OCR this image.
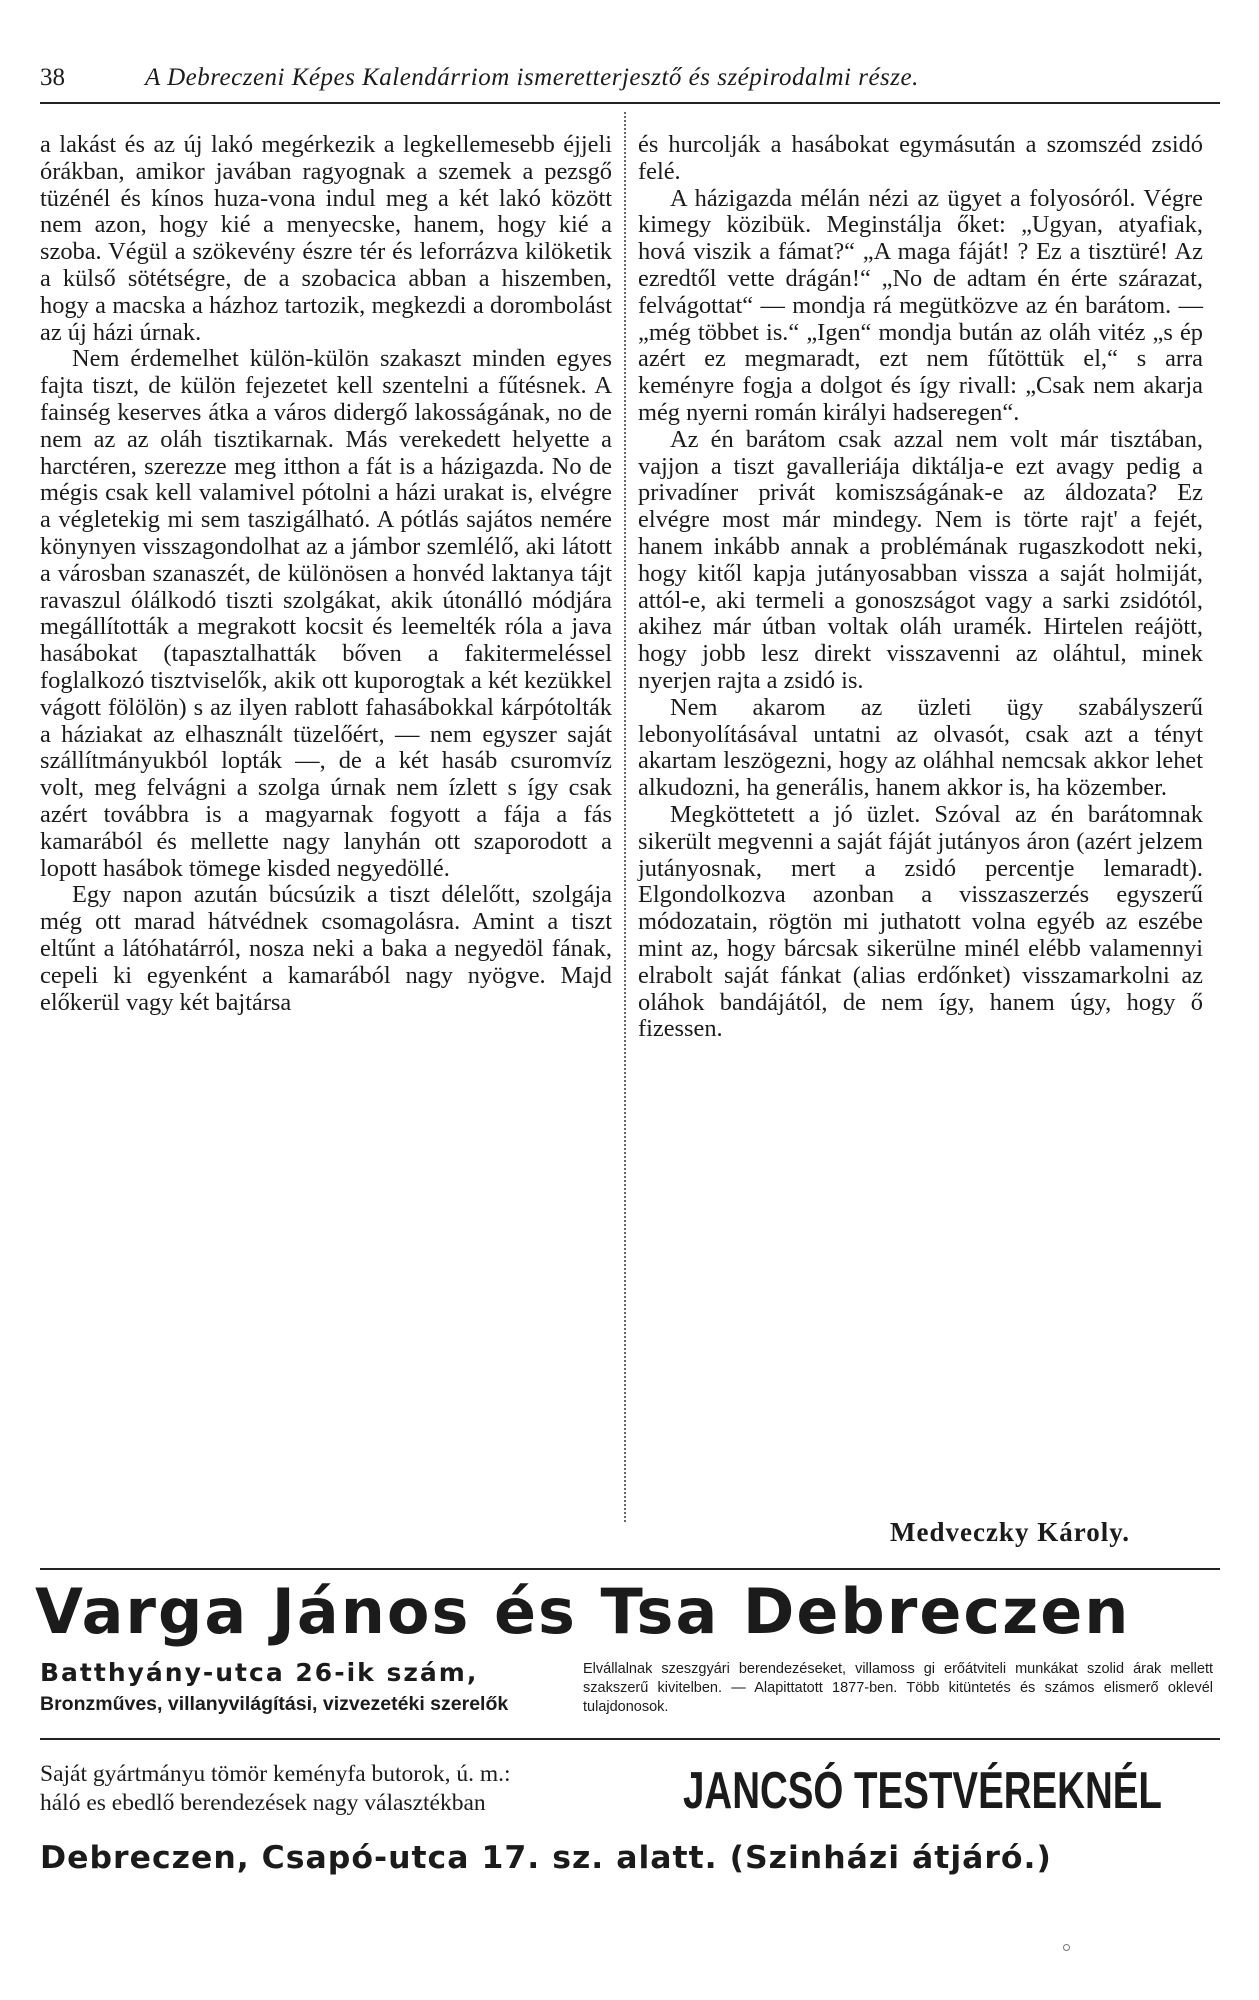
38	A Debreczeni Képes Kalendárriom ismeretterjesztő és szépirodalmi része.

a lakást és az új lakó megérkezik a legkellemesebb éjjeli órákban, amikor javában ragyognak a szemek a pezsgő tüzénél és kínos huza-vona indul meg a két lakó között nem azon, hogy kié a menyecske, hanem, hogy kié a szoba. Végül a szökevény észre tér és leforrázva kilöketik a külső sötétségre, de a szobacica abban a hiszemben, hogy a macska a házhoz tartozik, megkezdi a dorombolást az új házi úrnak.

Nem érdemelhet külön-külön szakaszt minden egyes fajta tiszt, de külön fejezetet kell szentelni a fűtésnek. A fainség keserves átka a város didergő lakosságának, no de nem az az oláh tisztikarnak. Más verekedett helyette a harctéren, szerezze meg itthon a fát is a házigazda. No de mégis csak kell valamivel pótolni a házi urakat is, elvégre a végletekig mi sem taszigálható. A pótlás sajátos nemére könynyen visszagondolhat az a jámbor szemlélő, aki látott a városban szanaszét, de különösen a honvéd laktanya tájt ravaszul ólálkodó tiszti szolgákat, akik útonálló módjára megállították a megrakott kocsit és leemelték róla a java hasábokat (tapasztalhatták bőven a fakitermeléssel foglalkozó tisztviselők, akik ott kuporogtak a két kezükkel vágott fölölön) s az ilyen rablott fahasábokkal kárpótolták a háziakat az elhasznált tüzelőért, — nem egyszer saját szállítmányukból lopták —, de a két hasáb csuromvíz volt, meg felvágni a szolga úrnak nem ízlett s így csak azért továbbra is a magyarnak fogyott a fája a fás kamarából és mellette nagy lanyhán ott szaporodott a lopott hasábok tömege kisded negyedöllé.

Egy napon azután búcsúzik a tiszt délelőtt, szolgája még ott marad hátvédnek csomagolásra. Amint a tiszt eltűnt a látóhatárról, nosza neki a baka a negyedöl fának, cepeli ki egyenként a kamarából nagy nyögve. Majd előkerül vagy két bajtársa

és hurcolják a hasábokat egymásután a szomszéd zsidó felé.

A házigazda mélán nézi az ügyet a folyosóról. Végre kimegy közibük. Meginstálja őket: „Ugyan, atyafiak, hová viszik a fámat?“ „A maga fáját! ? Ez a tisztüré! Az ezredtől vette drágán!“ „No de adtam én érte szárazat, felvágottat“ — mondja rá megütközve az én barátom. — „még többet is.“ „Igen“ mondja bután az oláh vitéz „s ép azért ez megmaradt, ezt nem fűtöttük el,“ s arra keményre fogja a dolgot és így rivall: „Csak nem akarja még nyerni román királyi hadseregen“.

Az én barátom csak azzal nem volt már tisztában, vajjon a tiszt gavalleriája diktálja-e ezt avagy pedig a privadíner privát komiszságának-e az áldozata? Ez elvégre most már mindegy. Nem is törte rajt' a fejét, hanem inkább annak a problémának rugaszkodott neki, hogy kitől kapja jutányosabban vissza a saját holmiját, attól-e, aki termeli a gonoszságot vagy a sarki zsidótól, akihez már útban voltak oláh uramék. Hirtelen reájött, hogy jobb lesz direkt visszavenni az oláhtul, minek nyerjen rajta a zsidó is.

Nem akarom az üzleti ügy szabályszerű lebonyolításával untatni az olvasót, csak azt a tényt akartam leszögezni, hogy az oláhhal nemcsak akkor lehet alkudozni, ha generális, hanem akkor is, ha közember.

Megköttetett a jó üzlet. Szóval az én barátomnak sikerült megvenni a saját fáját jutányos áron (azért jelzem jutányosnak, mert a zsidó percentje lemaradt). Elgondolkozva azonban a visszaszerzés egyszerű módozatain, rögtön mi juthatott volna egyéb az eszébe mint az, hogy bárcsak sikerülne minél elébb valamennyi elrabolt saját fánkat (alias erdőnket) visszamarkolni az oláhok bandájától, de nem így, hanem úgy, hogy ő fizessen.

Medveczky Károly.
Varga János és Tsa Debreczen
Batthyány-utca 26-ik szám,
Bronzműves, villanyvilágítási, vizvezetéki szerelők
Elvállalnak szeszgyári berendezéseket, villamoss gi erőátviteli munkákat szolid árak mellett szakszerű kivitelben. — Alapittatott 1877-ben. Több kitüntetés és számos elismerő oklevél tulajdonosok.
Saját gyártmányu tömör keményfa butorok, ú. m.:
háló es ebedlő berendezések nagy választékban	JANCSÓ TESTVÉREKNÉL
Debreczen, Csapó-utca 17. sz. alatt. (Szinházi átjáró.)
